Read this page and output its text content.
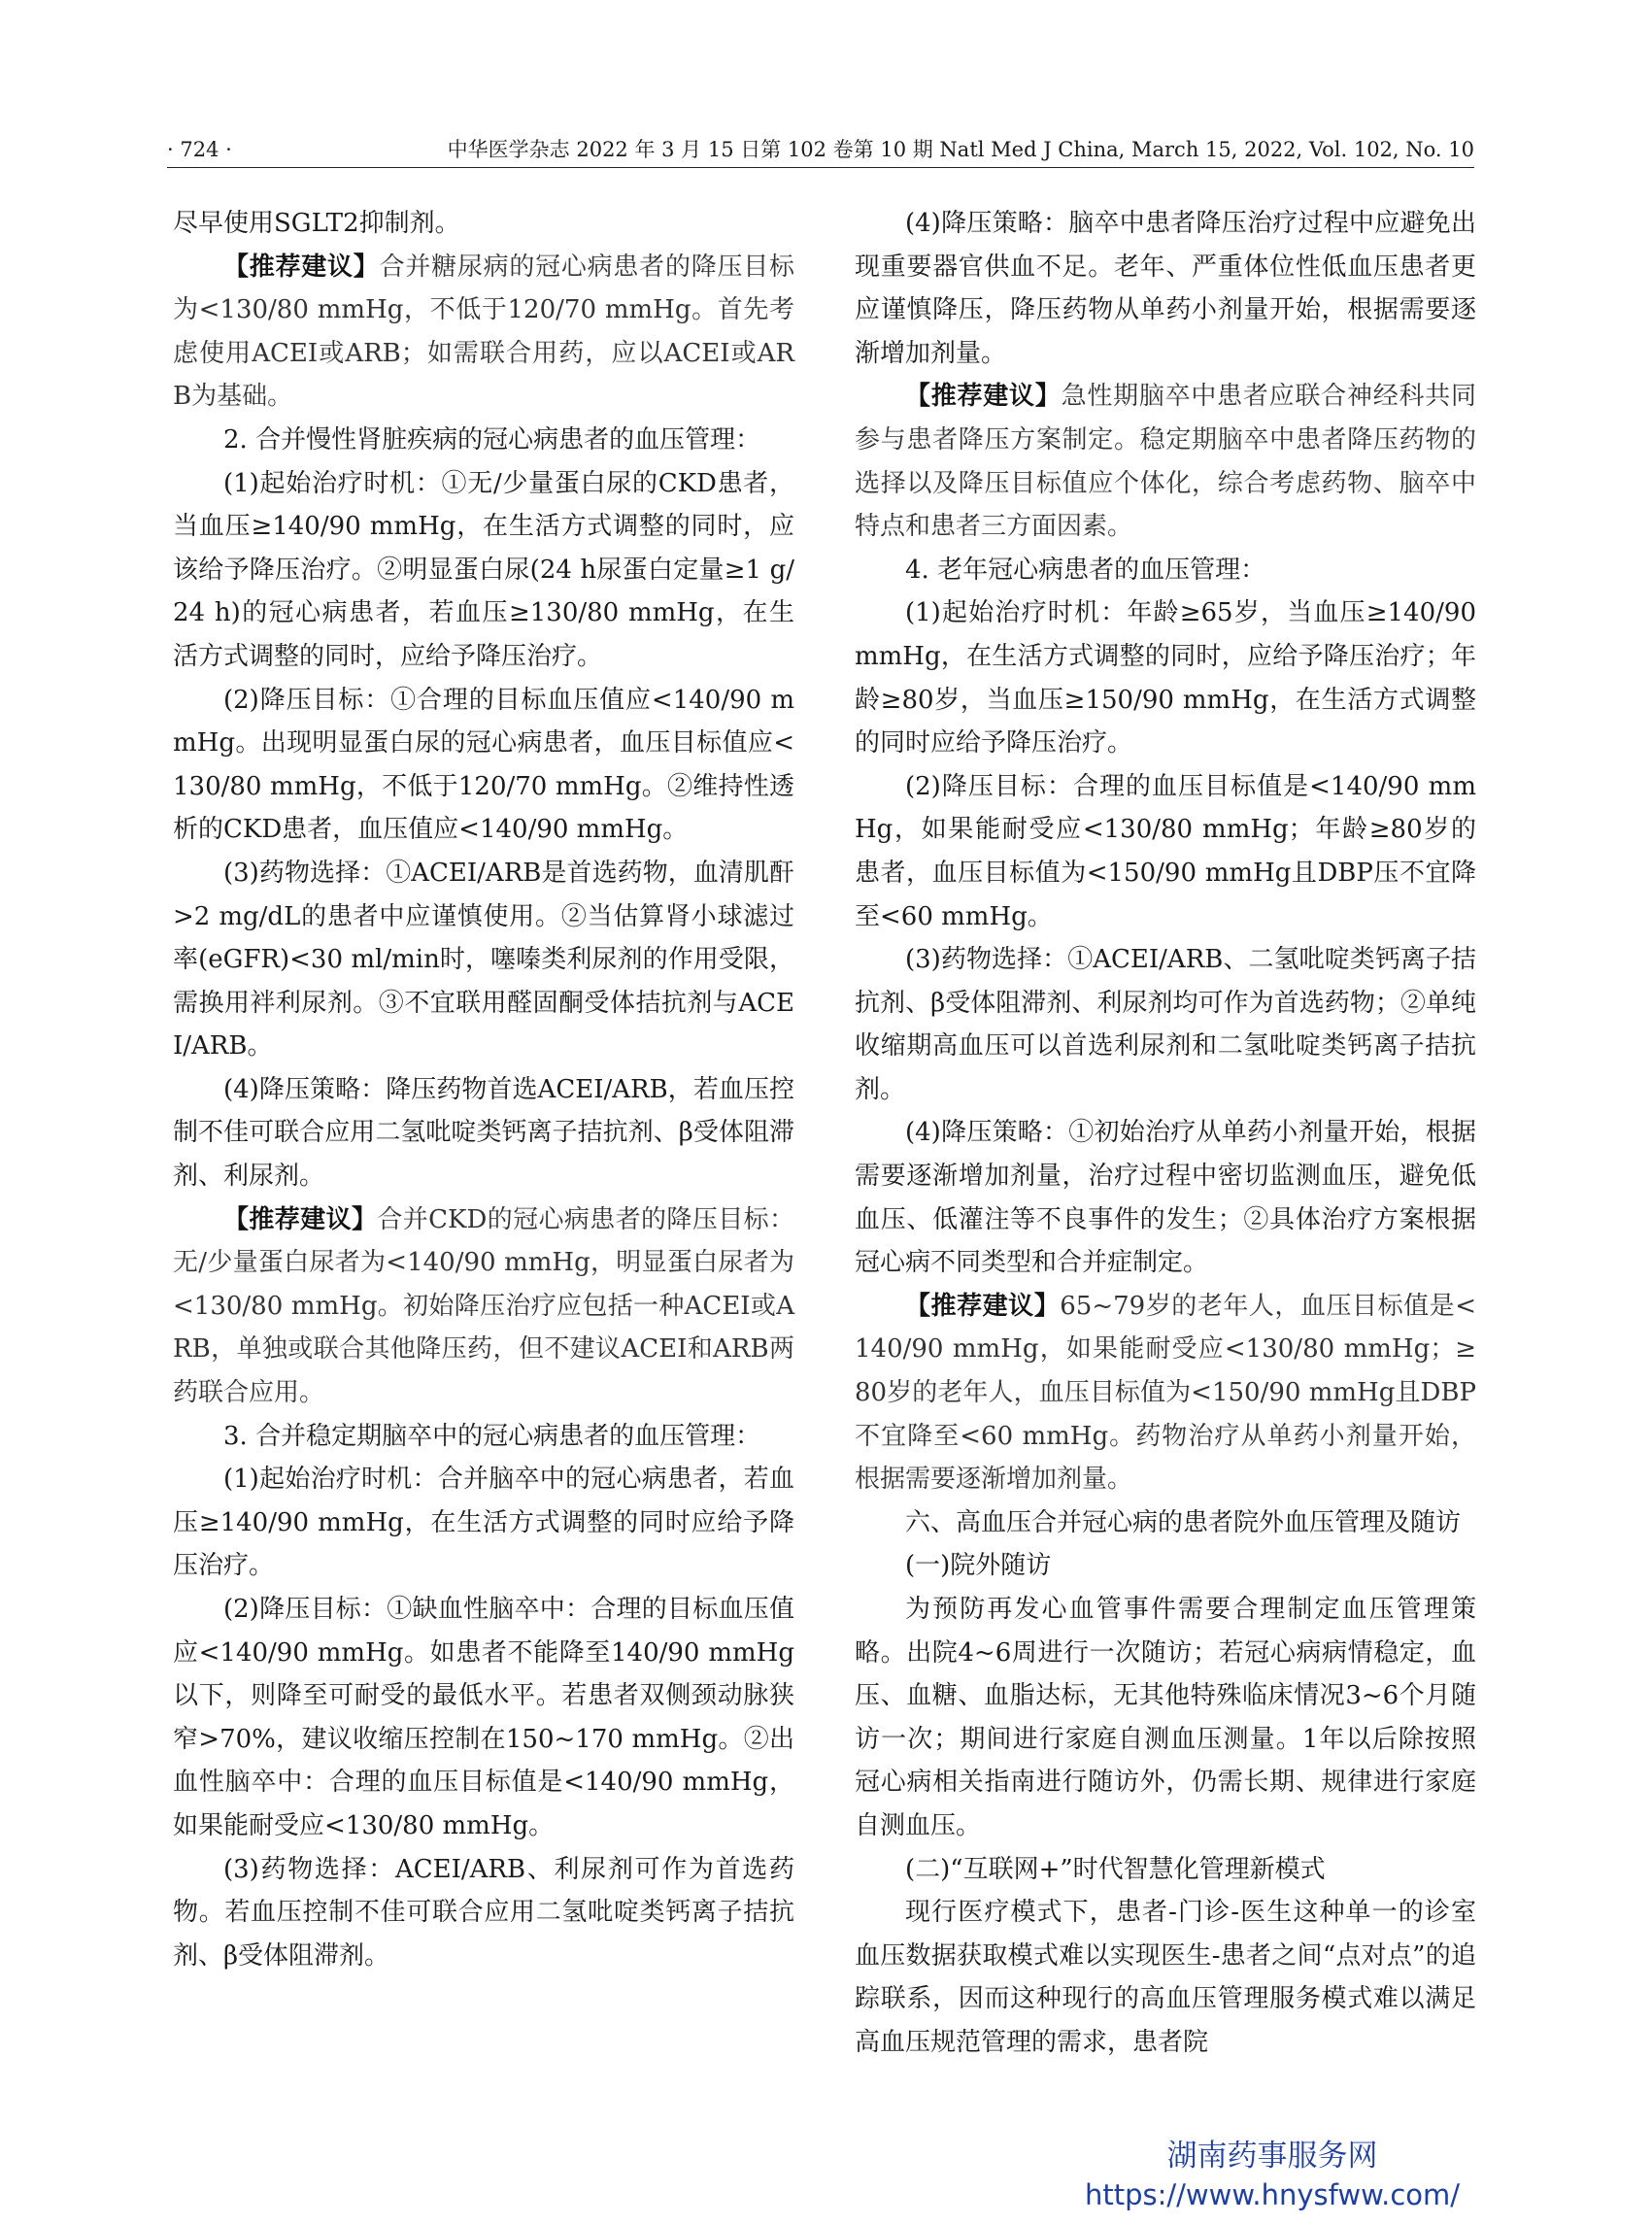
· 724 ·	中华医学杂志 2022 年 3 月 15 日第 102 卷第 10 期 Natl Med J China, March 15, 2022, Vol. 102, No. 10

尽早使用SGLT2抑制剂。

【推荐建议】合并糖尿病的冠心病患者的降压目标为<130/80 mmHg，不低于120/70 mmHg。首先考虑使用ACEI或ARB；如需联合用药，应以ACEI或ARB为基础。

2. 合并慢性肾脏疾病的冠心病患者的血压管理：

(1)起始治疗时机：①无/少量蛋白尿的CKD患者，当血压≥140/90 mmHg，在生活方式调整的同时，应该给予降压治疗。②明显蛋白尿(24 h尿蛋白定量≥1 g/24 h)的冠心病患者，若血压≥130/80 mmHg，在生活方式调整的同时，应给予降压治疗。

(2)降压目标：①合理的目标血压值应<140/90 mmHg。出现明显蛋白尿的冠心病患者，血压目标值应<130/80 mmHg，不低于120/70 mmHg。②维持性透析的CKD患者，血压值应<140/90 mmHg。

(3)药物选择：①ACEI/ARB是首选药物，血清肌酐>2 mg/dL的患者中应谨慎使用。②当估算肾小球滤过率(eGFR)<30 ml/min时，噻嗪类利尿剂的作用受限，需换用袢利尿剂。③不宜联用醛固酮受体拮抗剂与ACEI/ARB。

(4)降压策略：降压药物首选ACEI/ARB，若血压控制不佳可联合应用二氢吡啶类钙离子拮抗剂、β受体阻滞剂、利尿剂。

【推荐建议】合并CKD的冠心病患者的降压目标：无/少量蛋白尿者为<140/90 mmHg，明显蛋白尿者为<130/80 mmHg。初始降压治疗应包括一种ACEI或ARB，单独或联合其他降压药，但不建议ACEI和ARB两药联合应用。

3. 合并稳定期脑卒中的冠心病患者的血压管理：

(1)起始治疗时机：合并脑卒中的冠心病患者，若血压≥140/90 mmHg，在生活方式调整的同时应给予降压治疗。

(2)降压目标：①缺血性脑卒中：合理的目标血压值应<140/90 mmHg。如患者不能降至140/90 mmHg以下，则降至可耐受的最低水平。若患者双侧颈动脉狭窄>70%，建议收缩压控制在150~170 mmHg。②出血性脑卒中：合理的血压目标值是<140/90 mmHg，如果能耐受应<130/80 mmHg。

(3)药物选择：ACEI/ARB、利尿剂可作为首选药物。若血压控制不佳可联合应用二氢吡啶类钙离子拮抗剂、β受体阻滞剂。

(4)降压策略：脑卒中患者降压治疗过程中应避免出现重要器官供血不足。老年、严重体位性低血压患者更应谨慎降压，降压药物从单药小剂量开始，根据需要逐渐增加剂量。

【推荐建议】急性期脑卒中患者应联合神经科共同参与患者降压方案制定。稳定期脑卒中患者降压药物的选择以及降压目标值应个体化，综合考虑药物、脑卒中特点和患者三方面因素。

4. 老年冠心病患者的血压管理：

(1)起始治疗时机：年龄≥65岁，当血压≥140/90 mmHg，在生活方式调整的同时，应给予降压治疗；年龄≥80岁，当血压≥150/90 mmHg，在生活方式调整的同时应给予降压治疗。

(2)降压目标：合理的血压目标值是<140/90 mmHg，如果能耐受应<130/80 mmHg；年龄≥80岁的患者，血压目标值为<150/90 mmHg且DBP压不宜降至<60 mmHg。

(3)药物选择：①ACEI/ARB、二氢吡啶类钙离子拮抗剂、β受体阻滞剂、利尿剂均可作为首选药物；②单纯收缩期高血压可以首选利尿剂和二氢吡啶类钙离子拮抗剂。

(4)降压策略：①初始治疗从单药小剂量开始，根据需要逐渐增加剂量，治疗过程中密切监测血压，避免低血压、低灌注等不良事件的发生；②具体治疗方案根据冠心病不同类型和合并症制定。

【推荐建议】65~79岁的老年人，血压目标值是<140/90 mmHg，如果能耐受应<130/80 mmHg；≥80岁的老年人，血压目标值为<150/90 mmHg且DBP不宜降至<60 mmHg。药物治疗从单药小剂量开始，根据需要逐渐增加剂量。

六、高血压合并冠心病的患者院外血压管理及随访

(一)院外随访

为预防再发心血管事件需要合理制定血压管理策略。出院4~6周进行一次随访；若冠心病病情稳定，血压、血糖、血脂达标，无其他特殊临床情况3~6个月随访一次；期间进行家庭自测血压测量。1年以后除按照冠心病相关指南进行随访外，仍需长期、规律进行家庭自测血压。

(二)“互联网+”时代智慧化管理新模式

现行医疗模式下，患者-门诊-医生这种单一的诊室血压数据获取模式难以实现医生-患者之间“点对点”的追踪联系，因而这种现行的高血压管理服务模式难以满足高血压规范管理的需求，患者院

湖南药事服务网
https://www.hnysfww.com/
